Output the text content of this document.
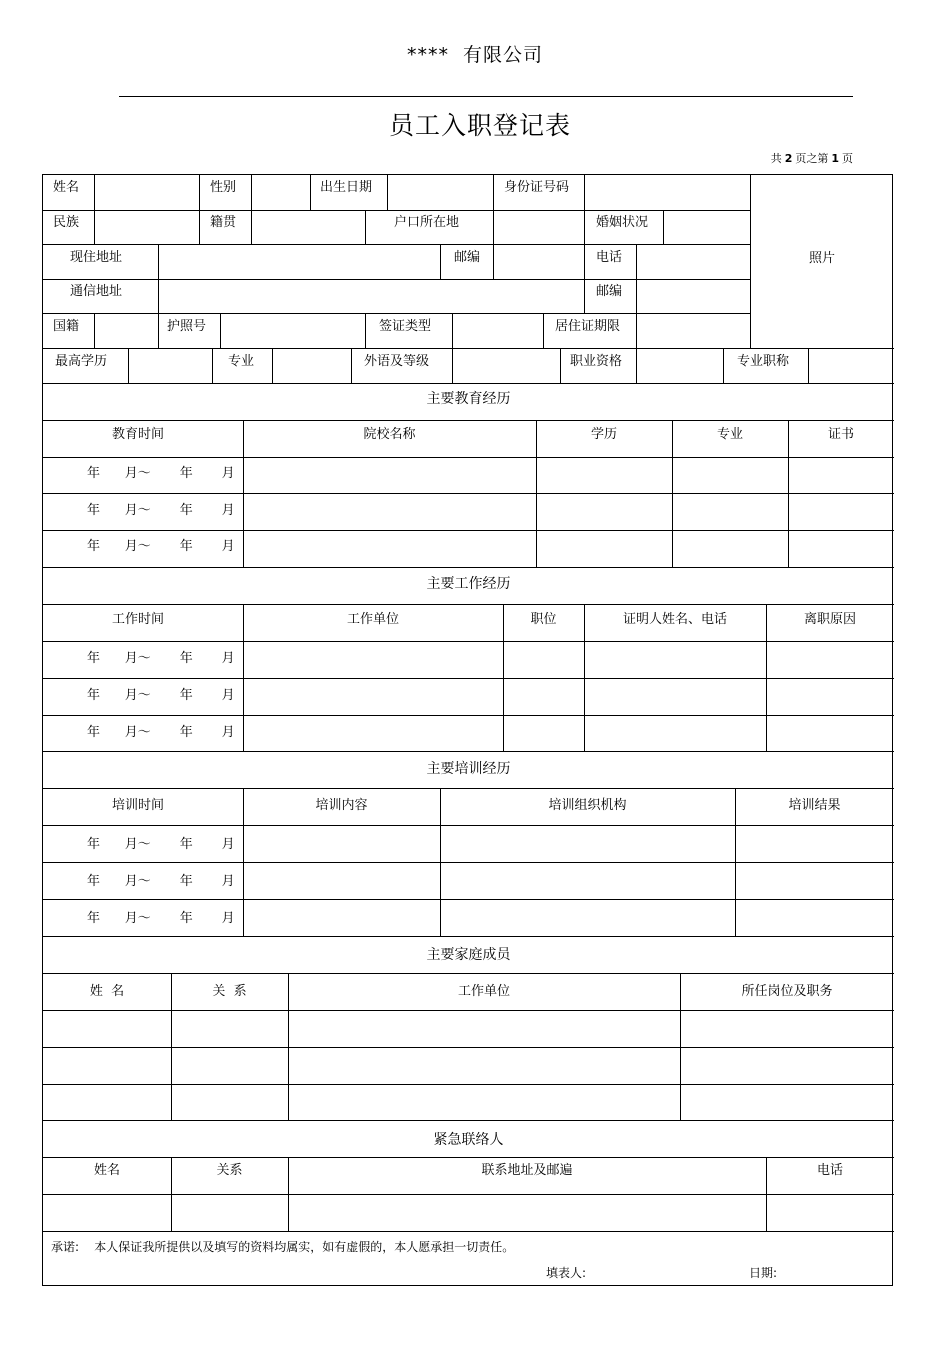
**** 有限公司
员工入职登记表
共 2 页之第 1 页
姓名	性别	出生日期	身份证号码
民族	籍贯	户口所在地	婚姻状况
照片
现住地址	邮编	电话
通信地址	邮编
国籍	护照号	签证类型	居住证期限
最高学历	专业	外语及等级	职业资格	专业职称
主要教育经历
教育时间	院校名称	学历	专业	证书
年      月～       年       月
年      月～       年       月
年      月～       年       月
主要工作经历
工作时间	工作单位	职位	证明人姓名、电话	离职原因
年      月～       年       月
年      月～       年       月
年      月～       年       月
主要培训经历
培训时间	培训内容	培训组织机构	培训结果
年      月～       年       月
年      月～       年       月
年      月～       年       月
主要家庭成员
姓  名	关  系	工作单位	所任岗位及职务
紧急联络人
姓名	关系	联系地址及邮遍	电话
承诺:    本人保证我所提供以及填写的资料均属实，如有虚假的，本人愿承担一切责任。
填表人:	日期:
